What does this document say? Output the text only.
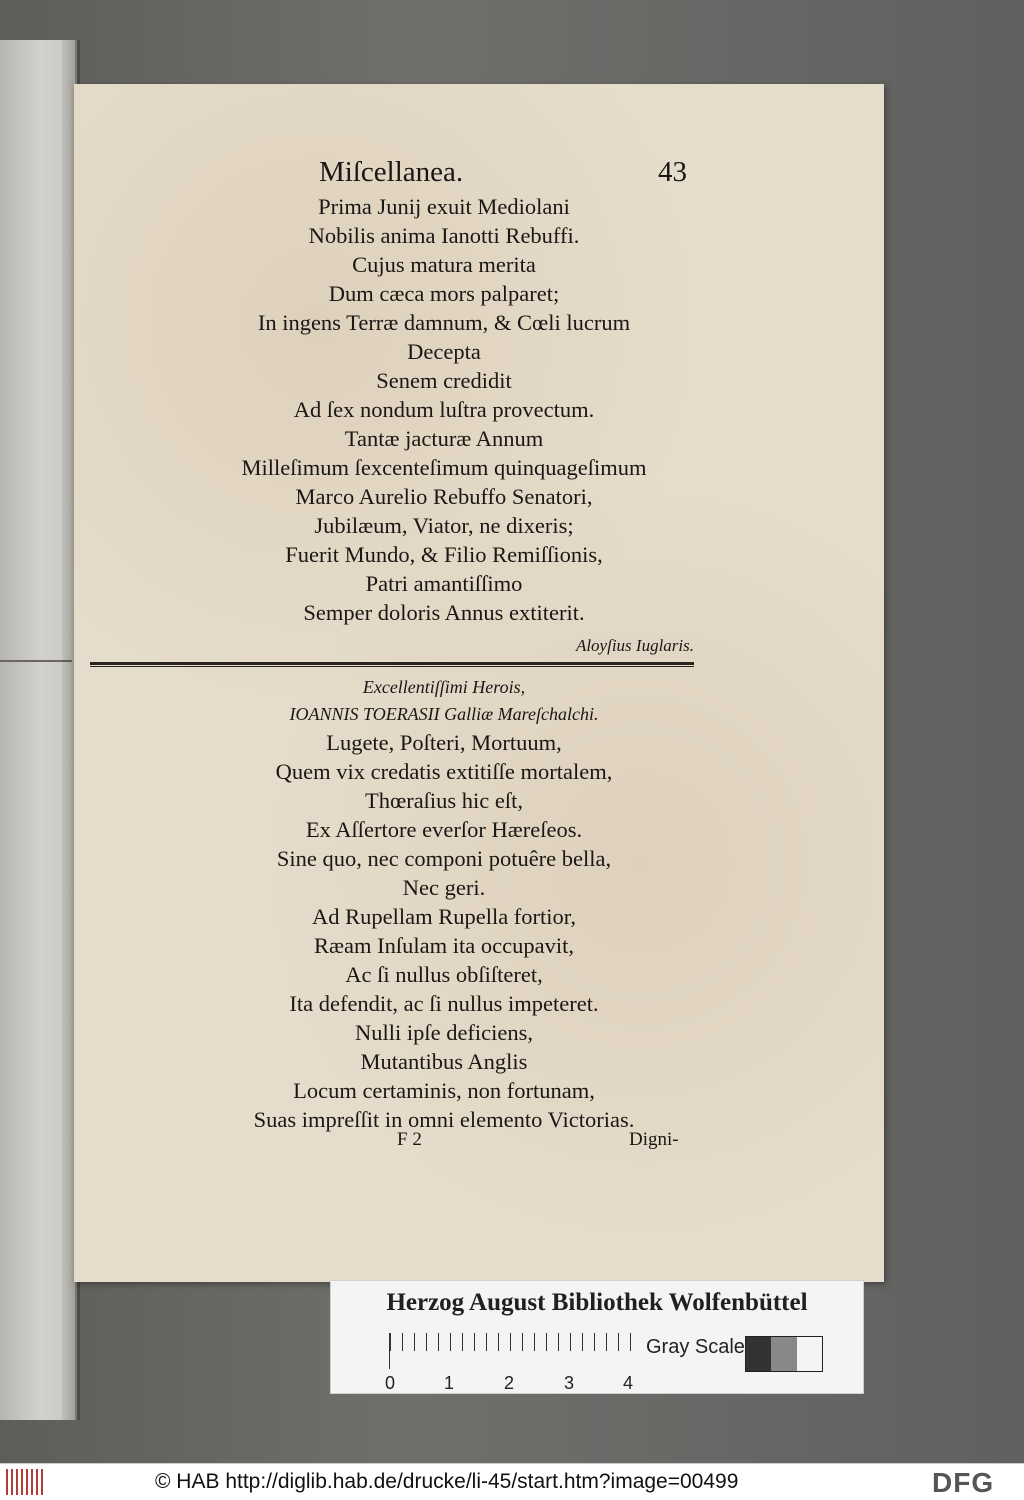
Miſcellanea.	43
Prima Junij exuit Mediolani
Nobilis anima Ianotti Rebuffi.
Cujus matura merita
Dum cæca mors palparet;
In ingens Terræ damnum, & Cœli lucrum
Decepta
Senem credidit
Ad ſex nondum luſtra provectum.
Tantæ jacturæ Annum
Milleſimum ſexcenteſimum quinquageſimum
Marco Aurelio Rebuffo Senatori,
Jubilæum, Viator, ne dixeris;
Fuerit Mundo, & Filio Remiſſionis,
Patri amantiſſimo
Semper doloris Annus extiterit.
Aloyſius Iuglaris.
Excellentiſſimi Herois,
IOANNIS TOERASII Galliæ Mareſchalchi.
Lugete, Poſteri, Mortuum,
Quem vix credatis extitiſſe mortalem,
Thœraſius hic eſt,
Ex Aſſertore everſor Hæreſeos.
Sine quo, nec componi potuêre bella,
Nec geri.
Ad Rupellam Rupella fortior,
Ræam Inſulam ita occupavit,
Ac ſi nullus obſiſteret,
Ita defendit, ac ſi nullus impeteret.
Nulli ipſe deficiens,
Mutantibus Anglis
Locum certaminis, non fortunam,
Suas impreſſit in omni elemento Victorias.
F 2	Digni-
Herzog August Bibliothek Wolfenbüttel
0	1	2	3	4
Gray Scale
© HAB http://diglib.hab.de/drucke/li-45/start.htm?image=00499	DFG
